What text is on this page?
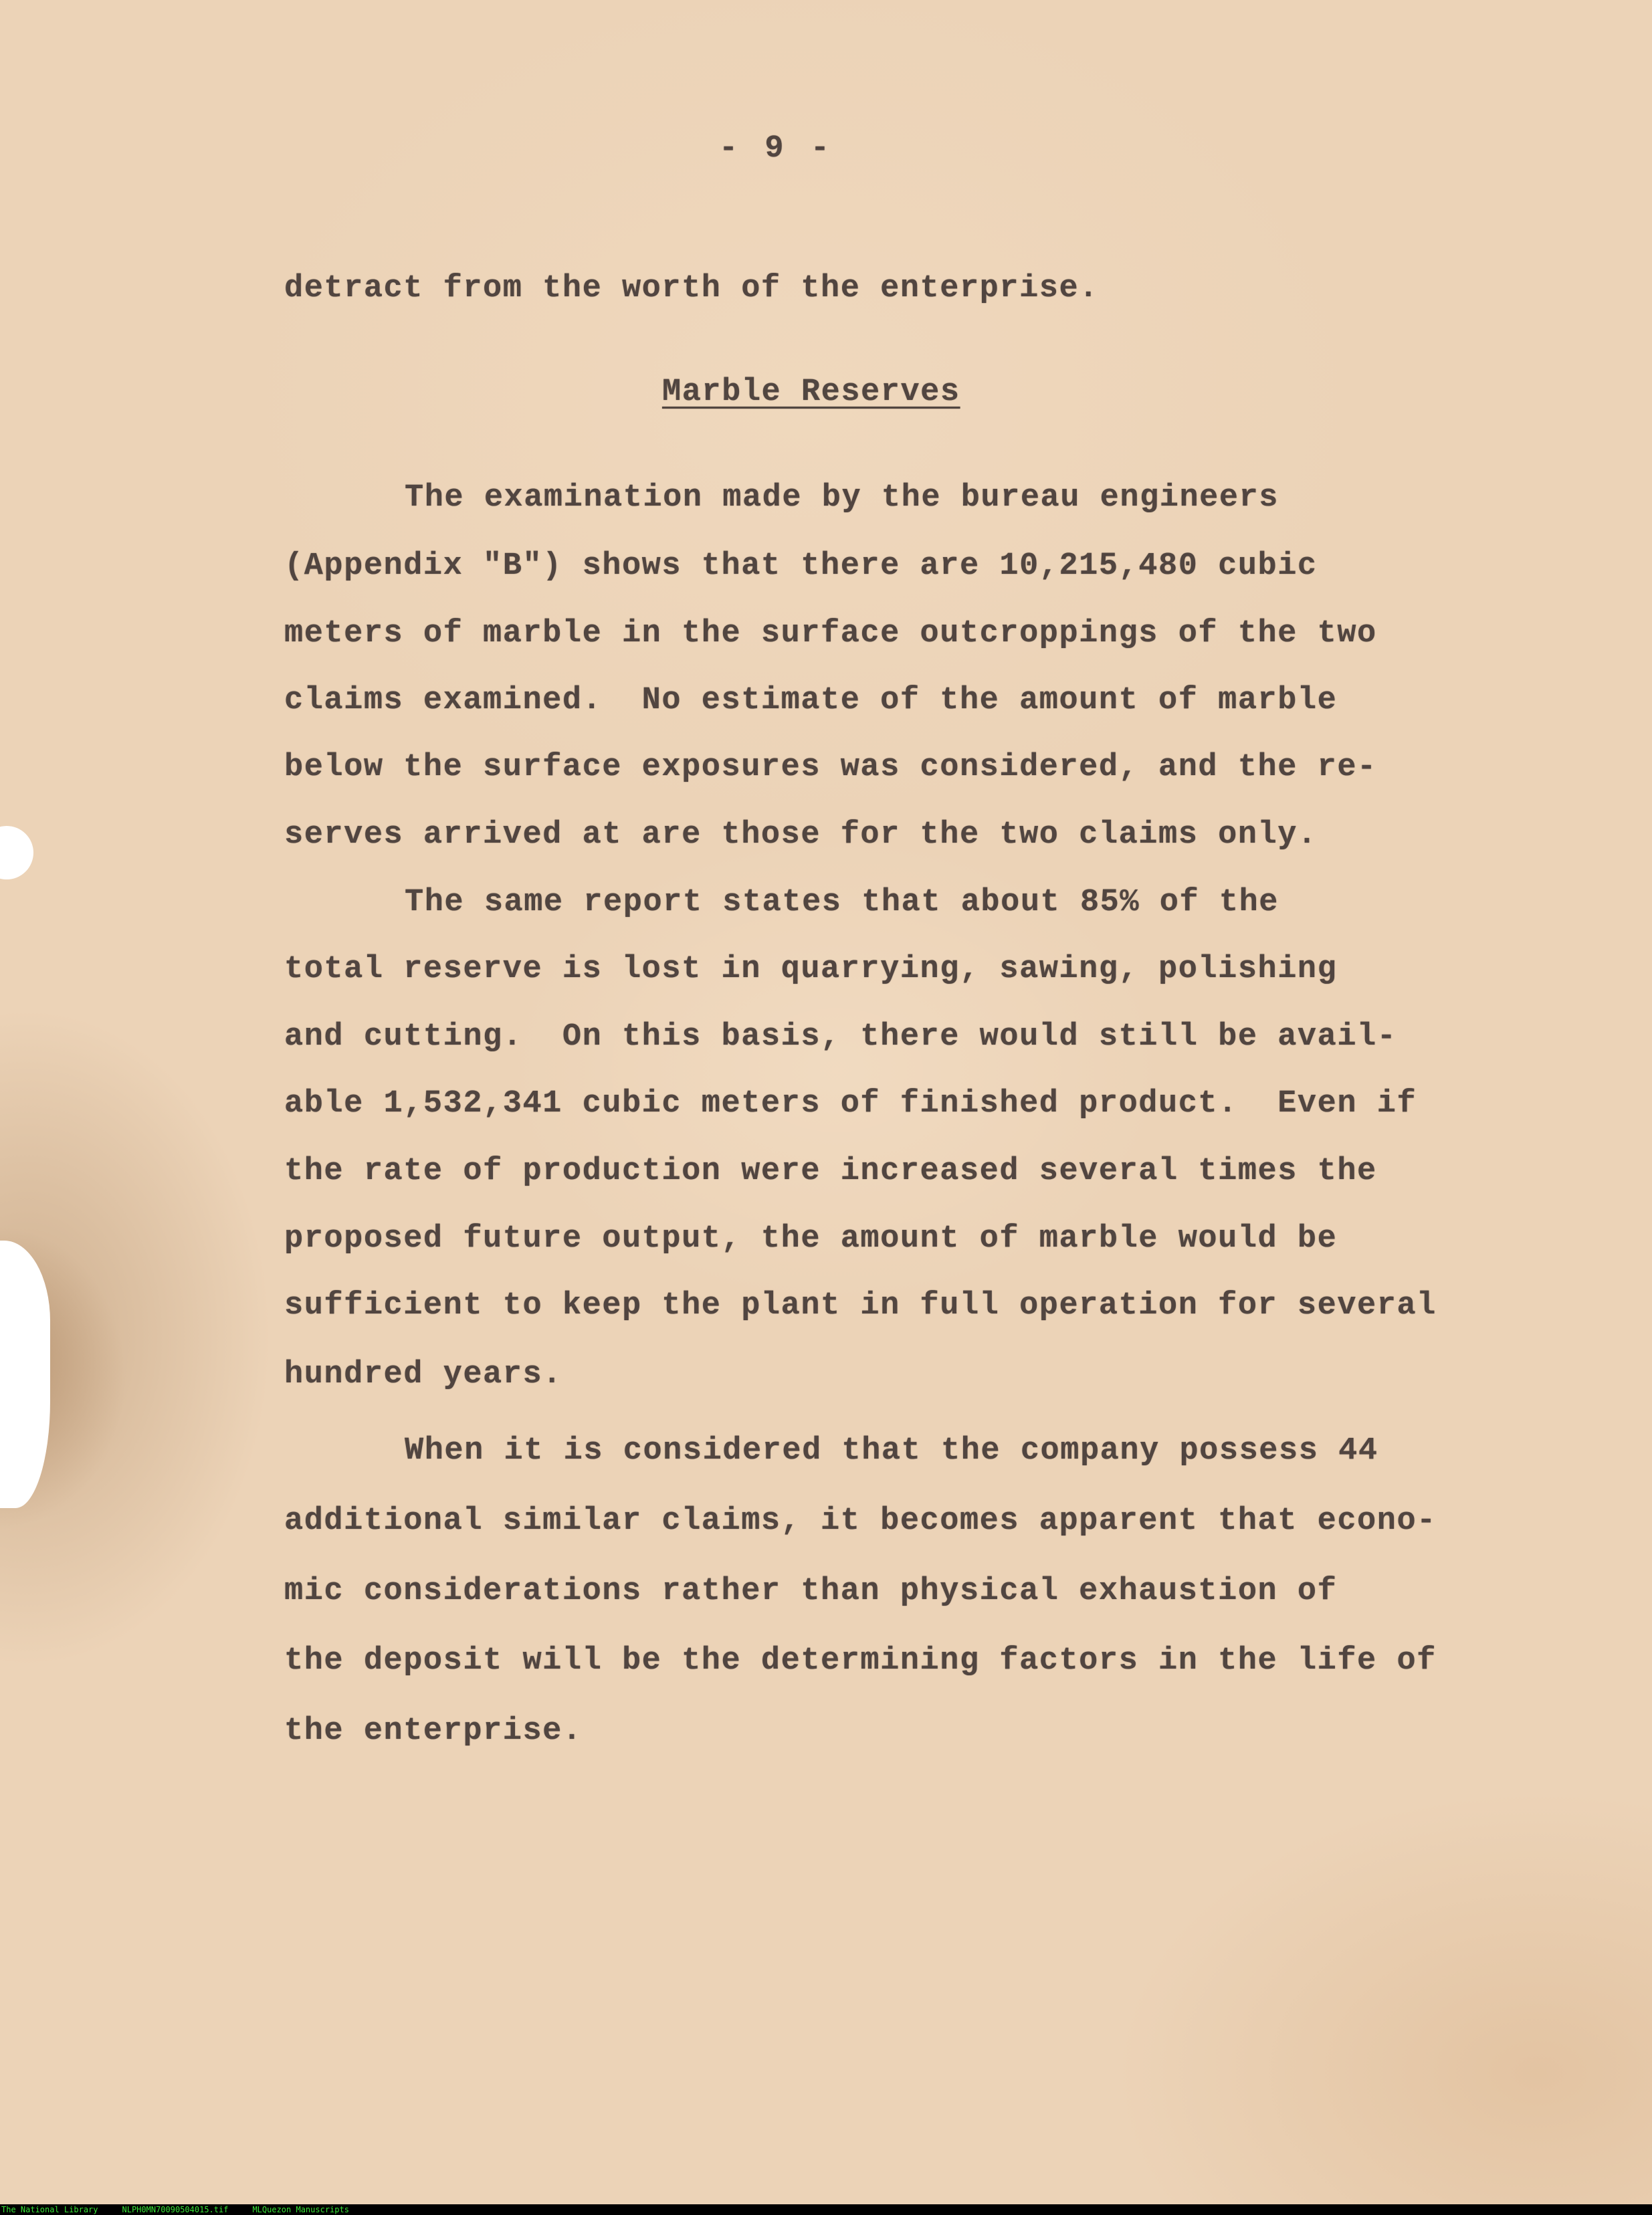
- 9 -
detract from the worth of the enterprise.
Marble Reserves
The examination made by the bureau engineers
(Appendix "B") shows that there are 10,215,480 cubic
meters of marble in the surface outcroppings of the two
claims examined.  No estimate of the amount of marble
below the surface exposures was considered, and the re-
serves arrived at are those for the two claims only.
The same report states that about 85% of the
total reserve is lost in quarrying, sawing, polishing
and cutting.  On this basis, there would still be avail-
able 1,532,341 cubic meters of finished product.  Even if
the rate of production were increased several times the
proposed future output, the amount of marble would be
sufficient to keep the plant in full operation for several
hundred years.
When it is considered that the company possess 44
additional similar claims, it becomes apparent that econo-
mic considerations rather than physical exhaustion of
the deposit will be the determining factors in the life of
the enterprise.
The National Library	NLPH0MN70090504015.tif	MLQuezon Manuscripts
